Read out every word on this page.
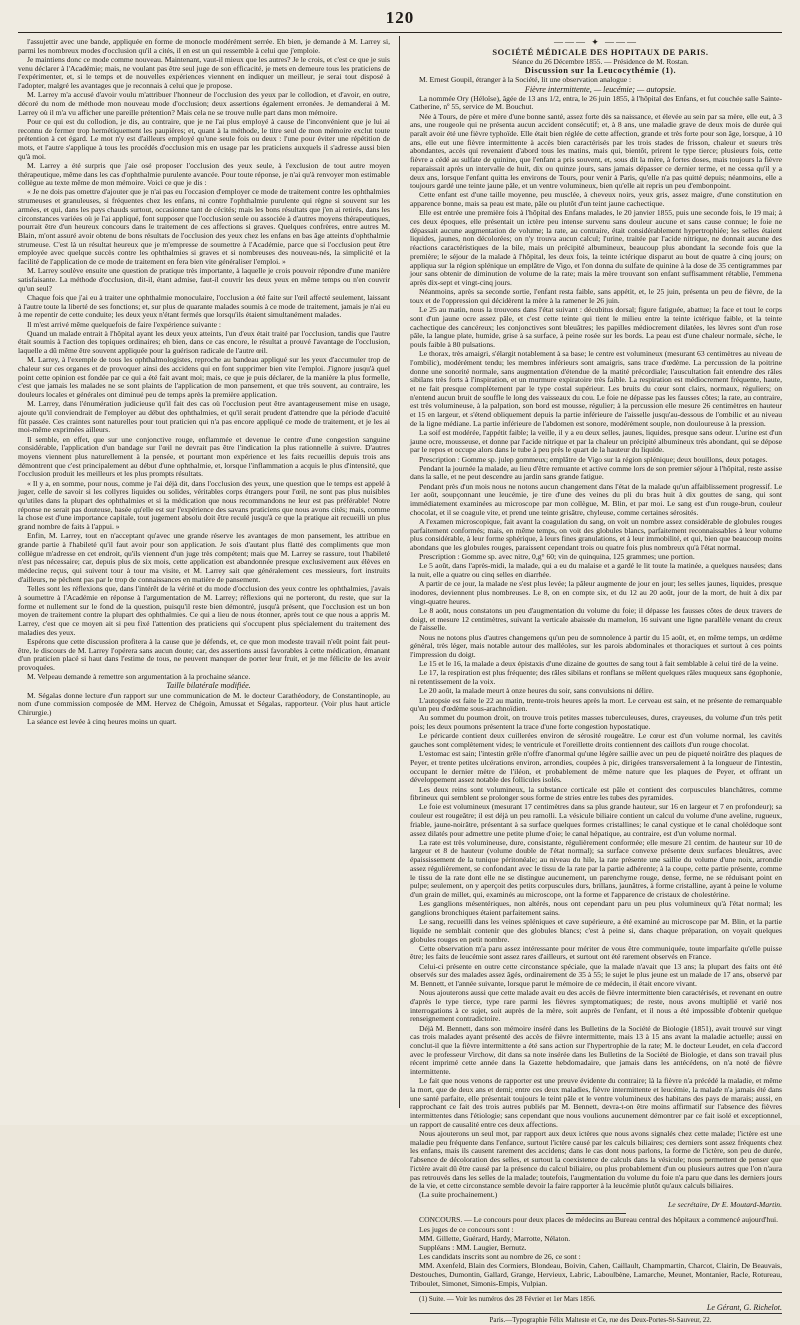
120

l'assujettir avec une bande, appliquée en forme de monocle modérément serrée. Eh bien, je demande à M. Larrey si, parmi les nombreux modes d'occlusion qu'il a cités, il en est un qui ressemble à celui que j'emploie.

Je maintiens donc ce mode comme nouveau. Maintenant, vaut-il mieux que les autres? Je le crois, et c'est ce que je suis venu déclarer à l'Académie; mais, ne voulant pas être seul juge de son efficacité, je mets en demeure tous les praticiens de l'expérimenter, et, si le temps et de nouvelles expériences viennent en indiquer un meilleur, je serai tout disposé à l'adopter, malgré les avantages que je reconnais à celui que je propose.

M. Larrey m'a accusé d'avoir voulu m'attribuer l'honneur de l'occlusion des yeux par le collodion, et d'avoir, en outre, décoré du nom de méthode mon nouveau mode d'occlusion; deux assertions également erronées. Je demanderai à M. Larrey où il m'a vu afficher une pareille prétention? Mais cela ne se trouve nulle part dans mon mémoire.

Pour ce qui est du collodion, je dis, au contraire, que je ne l'ai plus employé à cause de l'inconvénient que je lui ai reconnu de fermer trop hermétiquement les paupières; et, quant à la méthode, le titre seul de mon mémoire exclut toute prétention à cet égard. Le mot n'y est d'ailleurs employé qu'une seule fois ou deux : l'une pour éviter une répétition de mots, et l'autre s'applique à tous les procédés d'occlusion mis en usage par les praticiens auxquels il s'adresse aussi bien qu'à moi.

M. Larrey a été surpris que j'aie osé proposer l'occlusion des yeux seule, à l'exclusion de tout autre moyen thérapeutique, même dans les cas d'ophthalmie purulente avancée. Pour toute réponse, je n'ai qu'à renvoyer mon estimable collègue au texte même de mon mémoire. Voici ce que je dis :

« Je ne dois pas omettre d'ajouter que je n'ai pas eu l'occasion d'employer ce mode de traitement contre les ophthalmies strumeuses et granuleuses, si fréquentes chez les enfans, ni contre l'ophthalmie purulente qui règne si souvent sur les armées, et qui, dans les pays chauds surtout, occasionne tant de cécités; mais les bons résultats que j'en ai retirés, dans les circonstances variées où je l'ai appliqué, font supposer que l'occlusion seule ou associée à d'autres moyens thérapeutiques, pourrait être d'un heureux concours dans le traitement de ces affections si graves. Quelques confrères, entre autres M. Blain, m'ont assuré avoir obtenu de bons résultats de l'occlusion des yeux chez les enfans en bas âge atteints d'ophthalmie strumeuse. C'est là un résultat heureux que je m'empresse de soumettre à l'Académie, parce que si l'occlusion peut être employée avec quelque succès contre les ophthalmies si graves et si nombreuses des nouveau-nés, la simplicité et la facilité de l'application de ce mode de traitement en fera bien vite généraliser l'emploi. »

M. Larrey soulève ensuite une question de pratique très importante, à laquelle je crois pouvoir répondre d'une manière satisfaisante. La méthode d'occlusion, dit-il, étant admise, faut-il couvrir les deux yeux en même temps ou n'en couvrir qu'un seul?

Chaque fois que j'ai eu à traiter une ophthalmie monoculaire, l'occlusion a été faite sur l'œil affecté seulement, laissant à l'autre toute la liberté de ses fonctions; et, sur plus de quarante malades soumis à ce mode de traitement, jamais je n'ai eu à me repentir de cette conduite; les deux yeux n'étant fermés que lorsqu'ils étaient simultanément malades.

Il m'est arrivé même quelquefois de faire l'expérience suivante :

Quand un malade entrait à l'hôpital ayant les deux yeux atteints, l'un d'eux était traité par l'occlusion, tandis que l'autre était soumis à l'action des topiques ordinaires; eh bien, dans ce cas encore, le résultat a prouvé l'avantage de l'occlusion, laquelle a dû même être souvent appliquée pour la guérison radicale de l'autre œil.

M. Larrey, à l'exemple de tous les ophthalmologistes, reproche au bandeau appliqué sur les yeux d'accumuler trop de chaleur sur ces organes et de provoquer ainsi des accidens qui en font supprimer bien vite l'emploi. J'ignore jusqu'à quel point cette opinion est fondée par ce qui a été fait avant moi; mais, ce que je puis déclarer, de la manière la plus formelle, c'est que jamais les malades ne se sont plaints de l'application de mon pansement, et que très souvent, au contraire, les douleurs locales et générales ont diminué peu de temps après la première application.

M. Larrey, dans l'énumération judicieuse qu'il fait des cas où l'occlusion peut être avantageusement mise en usage, ajoute qu'il conviendrait de l'employer au début des ophthalmies, et qu'il serait prudent d'attendre que la période d'acuité fût passée. Ces craintes sont naturelles pour tout praticien qui n'a pas encore appliqué ce mode de traitement, et je les ai moi-même exprimées ailleurs.

Il semble, en effet, que sur une conjonctive rouge, enflammée et devenue le centre d'une congestion sanguine considérable, l'application d'un bandage sur l'œil ne devrait pas être l'indication la plus rationnelle à suivre. D'autres moyens viennent plus naturellement à la pensée, et pourtant mon expérience et les faits recueillis depuis trois ans démontrent que c'est principalement au début d'une ophthalmie, et, lorsque l'inflammation a acquis le plus d'intensité, que l'occlusion produit les meilleurs et les plus prompts résultats.

« Il y a, en somme, pour nous, comme je l'ai déjà dit, dans l'occlusion des yeux, une question que le temps est appelé à juger, celle de savoir si les collyres liquides ou solides, véritables corps étrangers pour l'œil, ne sont pas plus nuisibles qu'utiles dans la plupart des ophthalmies et si la médication que nous recommandons ne leur est pas préférable! Notre réponse ne serait pas douteuse, basée qu'elle est sur l'expérience des savans praticiens que nous avons cités; mais, comme la chose est d'une importance capitale, tout jugement absolu doit être reculé jusqu'à ce que la pratique ait recueilli un plus grand nombre de faits à l'appui. »

Enfin, M. Larrey, tout en n'acceptant qu'avec une grande réserve les avantages de mon pansement, les attribue en grande partie à l'habileté qu'il faut avoir pour son application. Je sois d'autant plus flatté des compliments que mon collègue m'adresse en cet endroit, qu'ils viennent d'un juge très compétent; mais que M. Larrey se rassure, tout l'habileté n'est pas nécessaire; car, depuis plus de six mois, cette application est abandonnée presque exclusivement aux élèves en médecine reçus, qui suivent tour à tour ma visite, et M. Larrey sait que généralement ces messieurs, fort instruits d'ailleurs, ne pèchent pas par le trop de connaissances en matière de pansement.

Telles sont les réflexions que, dans l'intérêt de la vérité et du mode d'occlusion des yeux contre les ophthalmies, j'avais à soumettre à l'Académie en réponse à l'argumentation de M. Larrey; réflexions qui ne porteront, du reste, que sur la forme et nullement sur le fond de la question, puisqu'il reste bien démontré, jusqu'à présent, que l'occlusion est un bon moyen de traitement contre la plupart des ophthalmies. Ce qui a lieu de nous étonner, après tout ce que nous a appris M. Larrey, c'est que ce moyen ait si peu fixé l'attention des praticiens qui s'occupent plus spécialement du traitement des maladies des yeux.

Espérons que cette discussion profitera à la cause que je défends, et, ce que mon modeste travail n'eût point fait peut-être, le discours de M. Larrey l'opérera sans aucun doute; car, des assertions aussi favorables à cette médication, émanant d'un praticien placé si haut dans l'estime de tous, ne peuvent manquer de porter leur fruit, et je me félicite de les avoir provoquées.

M. Velpeau demande à remettre son argumentation à la prochaine séance.

Taille bilatérale modifiée.

M. Ségalas donne lecture d'un rapport sur une communication de M. le docteur Carathéodory, de Constantinople, au nom d'une commission composée de MM. Hervez de Chégoin, Amussat et Ségalas, rapporteur. (Voir plus haut article Chirurgie.)

La séance est levée à cinq heures moins un quart.

——— ✦ ———

SOCIÉTÉ MÉDICALE DES HOPITAUX DE PARIS.

Séance du 26 Décembre 1855. — Présidence de M. Rostan.

Discussion sur la Leucocythémie (1).

M. Ernest Goupil, étranger à la Société, lit une observation analogue :

Fièvre intermittente, — leucémie; — autopsie.

La nommée Ory (Héloïse), âgée de 13 ans 1/2, entra, le 26 juin 1855, à l'hôpital des Enfans, et fut couchée salle Sainte-Catherine, nº 55, service de M. Bouchut.

Née à Tours, de père et mère d'une bonne santé, assez forte dès sa naissance, et élevée au sein par sa mère, elle eut, à 3 ans, une rougeole qui ne présenta aucun accident consécutif; et, à 8 ans, une maladie grave de deux mois de durée qui paraît avoir été une fièvre typhoïde. Elle était bien réglée de cette affection, grande et très forte pour son âge, lorsque, à 10 ans, elle eut une fièvre intermittente à accès bien caractérisés par les trois stades de frisson, chaleur et sueurs très abondantes, accès qui revenaient d'abord tous les matins, mais qui, bientôt, prirent le type tierce; plusieurs fois, cette fièvre a cédé au sulfate de quinine, que l'enfant a pris souvent, et, sous dit la mère, à fortes doses, mais toujours la fièvre reparaissait après un intervalle de huit, dix ou quinze jours, sans jamais dépasser ce dernier terme, et ne cessa qu'il y a deux ans, lorsque l'enfant quitta les environs de Tours, pour venir à Paris, qu'elle n'a pas quitté depuis; néanmoins, elle a toujours gardé une teinte jaune pâle, et un ventre volumineux, bien qu'elle ait repris un peu d'embonpoint.

Cette enfant est d'une taille moyenne, peu musclée, à cheveux noirs, yeux gris, assez maigre, d'une constitution en apparence bonne, mais sa peau est mate, pâle ou plutôt d'un teint jaune cachectique.

Elle est entrée une première fois à l'hôpital des Enfans malades, le 20 janvier 1855, puis une seconde fois, le 19 mai; à ces deux époques, elle présentait un ictère peu intense survenu sans douleur aucune et sans cause connue; le foie ne dépassait aucune augmentation de volume; la rate, au contraire, était considérablement hypertrophiée; les selles étaient liquides, jaunes, non décolorées; on n'y trouva aucun calcul; l'urine, traitée par l'acide nitrique, ne donnait aucune des réactions caractéristiques de la bile, mais un précipité albumineux, beaucoup plus abondant la seconde fois que la première; le séjour de la malade à l'hôpital, les deux fois, la teinte ictérique disparut au bout de quatre à cinq jours; on appliqua sur la région splénique un emplâtre de Vigo, et l'on donna du sulfate de quinine à la dose de 35 centigrammes par jour sans obtenir de diminution de volume de la rate; mais la mère trouvant son enfant suffisamment rétablie, l'emmena après dix-sept et vingt-cinq jours.

Néanmoins, après sa seconde sortie, l'enfant resta faible, sans appétit, et, le 25 juin, présenta un peu de fièvre, de la toux et de l'oppression qui décidèrent la mère à la ramener le 26 juin.

Le 25 au matin, nous la trouvons dans l'état suivant : décubitus dorsal; figure fatiguée, abattue; la face et tout le corps sont d'un jaune ocre assez pâle, et c'est cette teinte qui tient le milieu entre la teinte ictérique faible, et la teinte cachectique des cancéreux; les conjonctives sont bleuâtres; les papilles médiocrement dilatées, les lèvres sont d'un rose pâle, la langue plate, humide, grise à sa surface, à peine rosée sur les bords. La peau est d'une chaleur normale, sèche, le pouls faible à 80 pulsations.

Le thorax, très amaigri, s'élargit notablement à sa base; le centre est volumineux (mesurant 63 centimètres au niveau de l'ombilic), modérément tendu; les membres inférieurs sont amaigris, sans trace d'œdème. La percussion de la poitrine donne une sonorité normale, sans augmentation d'étendue de la matité précordiale; l'auscultation fait entendre des râles sibilans très forts à l'inspiration, et un murmure expiratoire très faible. La respiration est médiocrement fréquente, haute, et ne fait presque complètement par le type costal supérieur. Les bruits du cœur sont clairs, normaux, réguliers; on n'entend aucun bruit de souffle le long des vaisseaux du cou. Le foie ne dépasse pas les fausses côtes; la rate, au contraire, est très volumineuse, à la palpation, son bord est mousse, régulier; à la percussion elle mesure 26 centimètres en hauteur et 15 en largeur, et s'étend obliquement depuis la partie inférieure de l'aisselle jusqu'au-dessous de l'ombilic et au niveau de la ligne médiane. La partie inférieure de l'abdomen est sonore, modérément souple, non douloureuse à la pression.

La soif est modérée, l'appétit faible; la veille, il y a eu deux selles, jaunes, liquides, presque sans odeur. L'urine est d'un jaune ocre, mousseuse, et donne par l'acide nitrique et par la chaleur un précipité albumineux très abondant, qui se dépose par le repos et occupe alors dans le tube à peu près le quart de la hauteur du liquide.

Prescription : Gomme sp. julep gommeux; emplâtre de Vigo sur la région splénique; deux bouillons, deux potages.

Pendant la journée la malade, au lieu d'être remuante et active comme lors de son premier séjour à l'hôpital, reste assise dans la salle, et ne peut descendre au jardin sans grande fatigue.

Pendant près d'un mois nous ne notons aucun changement dans l'état de la malade qu'un affaiblissement progressif. Le 1er août, soupçonnant une leucémie, je tire d'une des veines du pli du bras huit à dix gouttes de sang, qui sont immédiatement examinées au microscope par mon collègue, M. Blin, et par moi. Le sang est d'un rouge-brun, couleur chocolat, et il se coagule vite, et prend une teinte grisâtre, chyleuse, comme certaines sérosités.

A l'examen microscopique, fait avant la coagulation du sang, on voit un nombre assez considérable de globules rouges parfaitement conformés; mais, en même temps, on voit des globules blancs, parfaitement reconnaissables à leur volume plus considérable, à leur forme sphérique, à leurs fines granulations, et à leur immobilité, et qui, bien que beaucoup moins abondans que les globules rouges, paraissent cependant trois ou quatre fois plus nombreux qu'à l'état normal.

Prescription : Gomme sp. avec nitre, 0,g° 60; vin de quinquina, 125 grammes; une portion.

Le 5 août, dans l'après-midi, la malade, qui a eu du malaise et a gardé le lit toute la matinée, a quelques nausées; dans la nuit, elle a quatre ou cinq selles en diarrhée.

A partir de ce jour, la malade ne s'est plus levée; la pâleur augmente de jour en jour; les selles jaunes, liquides, presque inodores, deviennent plus nombreuses. Le 8, on en compte six, et du 12 au 20 août, jour de la mort, de huit à dix par vingt-quatre heures.

Le 8 août, nous constatons un peu d'augmentation du volume du foie; il dépasse les fausses côtes de deux travers de doigt, et mesure 12 centimètres, suivant la verticale abaissée du mamelon, 16 suivant une ligne parallèle venant du creux de l'aisselle.

Nous ne notons plus d'autres changemens qu'un peu de somnolence à partir du 15 août, et, en même temps, un œdème général, très léger, mais notable autour des malléoles, sur les parois abdominales et thoraciques et surtout à ces points l'impression du doigt.

Le 15 et le 16, la malade a deux épistaxis d'une dizaine de gouttes de sang tout à fait semblable à celui tiré de la veine.

Le 17, la respiration est plus fréquente; des râles sibilans et ronflans se mêlent quelques râles muqueux sans égophonie, ni retentissement de la voix.

Le 20 août, la malade meurt à onze heures du soir, sans convulsions ni délire.

L'autopsie est faite le 22 au matin, trente-trois heures après la mort. Le cerveau est sain, et ne présente de remarquable qu'un peu d'œdème sous-arachnoïdien.

Au sommet du poumon droit, on trouve trois petites masses tuberculeuses, dures, crayeuses, du volume d'un très petit pois; les deux poumons présentent la trace d'une forte congestion hypostatique.

Le péricarde contient deux cuillerées environ de sérosité rougeâtre. Le cœur est d'un volume normal, les cavités gauches sont complètement vides; le ventricule et l'oreillette droits contiennent des caillots d'un rouge chocolat.

L'estomac est sain; l'intestin grêle n'offre d'anormal qu'une légère saillie avec un peu de piqueté noirâtre des plaques de Peyer, et trente petites ulcérations environ, arrondies, coupées à pic, dirigées transversalement à la longueur de l'intestin, occupant le dernier mètre de l'iléon, et probablement de même nature que les plaques de Peyer, et offrant un développement assez notable des follicules isolés.

Les deux reins sont volumineux, la substance corticale est pâle et contient des corpuscules blanchâtres, comme fibrineux qui semblent se prolonger sous forme de stries entre les tubes des pyramides.

Le foie est volumineux (mesurant 17 centimètres dans sa plus grande hauteur, sur 16 en largeur et 7 en profondeur); sa couleur est rougeâtre; il est déjà un peu ramolli. La vésicule biliaire contient un calcul du volume d'une aveline, rugueux, friable, jaune-noirâtre, présentant à sa surface quelques formes cristallines; le canal cystique et le canal cholédoque sont assez dilatés pour admettre une petite plume d'oie; le canal hépatique, au contraire, est d'un volume normal.

La rate est très volumineuse, dure, consistante, régulièrement conformée; elle mesure 21 centim. de hauteur sur 10 de largeur et 8 de hauteur (volume double de l'état normal); sa surface convexe présente deux surfaces bleuâtres, avec épaississement de la tunique péritonéale; au niveau du hile, la rate présente une saillie du volume d'une noix, arrondie assez régulièrement, se confondant avec le tissu de la rate par la partie adhérente; à la coupe, cette partie présente, comme le tissu de la rate dont elle ne se distingue aucunement, un parenchyme rouge, dense, ferme, ne se réduisant point en pulpe; seulement, on y aperçoit des petits corpuscules durs, brillans, jaunâtres, à forme cristalline, ayant à peine le volume d'un grain de millet, qui, examinés au microscope, ont la forme et l'apparence de cristaux de cholestérine.

Les ganglions mésentériques, non altérés, nous ont cependant paru un peu plus volumineux qu'à l'état normal; les ganglions bronchiques étaient parfaitement sains.

Le sang, recueilli dans les veines spléniques et cave supérieure, a été examiné au microscope par M. Blin, et la partie liquide ne semblait contenir que des globules blancs; c'est à peine si, dans chaque préparation, on voyait quelques globules rouges en petit nombre.

Cette observation m'a paru assez intéressante pour mériter de vous être communiquée, toute imparfaite qu'elle puisse être; les faits de leucémie sont assez rares d'ailleurs, et surtout ont été rarement observés en France.

Celui-ci présente en outre cette circonstance spéciale, que la malade n'avait que 13 ans; la plupart des faits ont été observés sur des malades assez âgés, ordinairement de 35 à 55; le sujet le plus jeune est un malade de 17 ans, observé par M. Bennett, et l'année suivante, lorsque parut le mémoire de ce médecin, il était encore vivant.

Nous ajouterons aussi que cette malade avait eu des accès de fièvre intermittente bien caractérisés, et revenant en outre d'après le type tierce, type rare parmi les fièvres symptomatiques; de reste, nous avons multiplié et varié nos interrogations à ce sujet, soit auprès de la mère, soit auprès de l'enfant, et il nous a été impossible d'obtenir quelque renseignement contradictoire.

Déjà M. Bennett, dans son mémoire inséré dans les Bulletins de la Société de Biologie (1851), avait trouvé sur vingt cas trois malades ayant présenté des accès de fièvre intermittente, mais 13 à 15 ans avant la maladie actuelle; aussi en conclut-il que la fièvre intermittente a été sans action sur l'hypertrophie de la rate; M. le docteur Leudet, en cela d'accord avec le professeur Virchow, dit dans sa note insérée dans les Bulletins de la Société de Biologie, et dans son travail plus récent imprimé cette année dans la Gazette hebdomadaire, que jamais dans les antécédens, on n'a noté de fièvre intermittente.

Le fait que nous venons de rapporter est une preuve évidente du contraire; là la fièvre n'a précédé la maladie, et même la mort, que de deux ans et demi; entre ces deux maladies, fièvre intermittente et leucémie, la malade n'a jamais été dans une santé parfaite, elle présentait toujours le teint pâle et le ventre volumineux des habitans des pays de marais; aussi, en rapprochant ce fait des trois autres publiés par M. Bennett, devra-t-on être moins affirmatif sur l'absence des fièvres intermittentes dans l'étiologie; sans cependant que nous voulions aucunement démontrer par ce fait isolé et exceptionnel, un rapport de causalité entre ces deux affections.

Nous ajouterons un seul mot, par rapport aux deux ictères que nous avons signalés chez cette malade; l'ictère est une maladie peu fréquente dans l'enfance, surtout l'ictère causé par les calculs biliaires; ces derniers sont assez fréquents chez les enfans, mais ils causent rarement des accidens; dans le cas dont nous parlons, la forme de l'ictère, son peu de durée, l'absence de décoloration des selles, et surtout la coexistence de calculs dans la vésicule; nous permettent de penser que l'ictère avait dû être causé par la présence du calcul biliaire, ou plus probablement d'un ou plusieurs autres que l'on n'aura pas retrouvés dans les selles de la malade; toutefois, l'augmentation du volume du foie n'a paru que dans les derniers jours de la vie, et cette circonstance semble devoir la faire rapporter à la leucémie plutôt qu'aux calculs biliaires.

(La suite prochainement.)

Le secrétaire, Dr E. Moutard-Martin.

CONCOURS. — Le concours pour deux places de médecins au Bureau central des hôpitaux a commencé aujourd'hui.

Les juges de ce concours sont :

MM. Gillette, Guérard, Hardy, Marrotte, Nélaton.

Suppléans : MM. Laugier, Bernutz.

Les candidats inscrits sont au nombre de 26, ce sont :

MM. Axenfeld, Blain des Cormiers, Blondeau, Boivin, Cahen, Caillault, Champmartin, Charcot, Clairin, De Beauvais, Destouches, Dumontin, Gallard, Grange, Hervieux, Labric, Laboulbène, Lamarche, Meunet, Montanier, Racle, Rotureau, Triboulet, Simonet, Simonis-Empis, Vulpian.

(1) Suite. — Voir les numéros des 28 Février et 1er Mars 1856.

Le Gérant, G. Richelot.

Paris.—Typographie Félix Malteste et Ce, rue des Deux-Portes-St-Sauveur, 22.
